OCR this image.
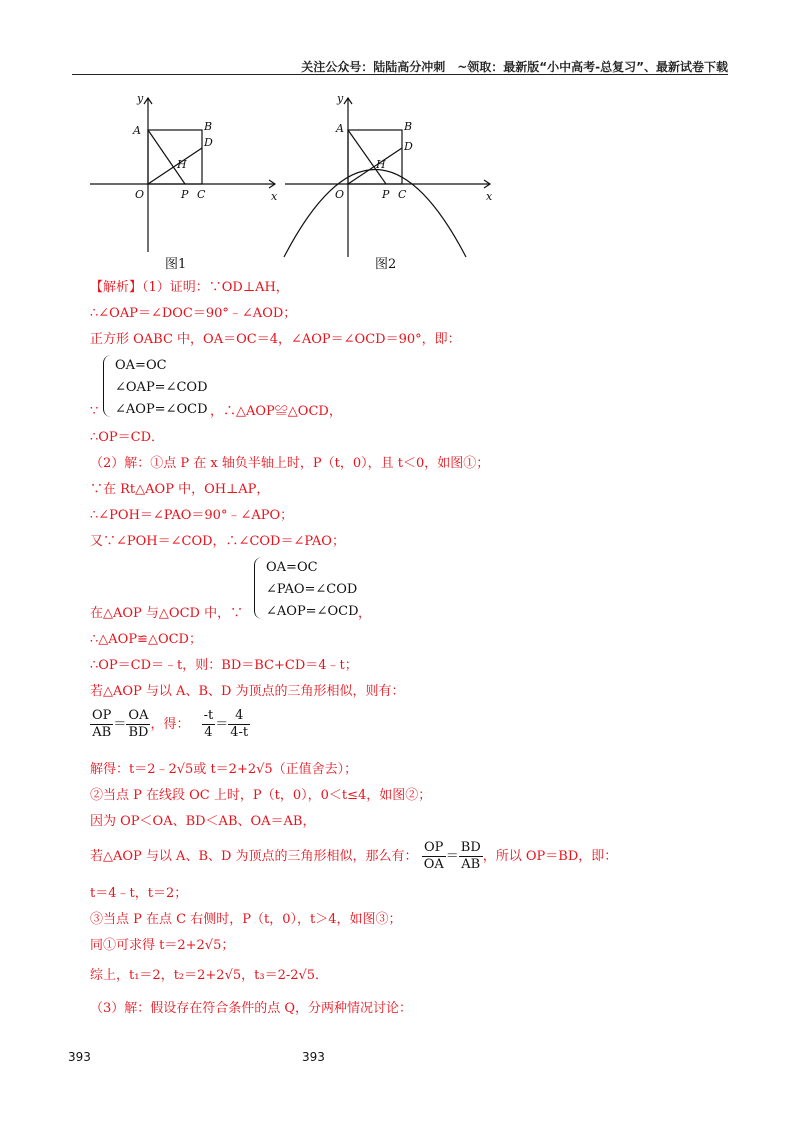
关注公众号：陆陆高分冲刺　~领取：最新版“小中高考-总复习”、最新试卷下载
y
x
A	B
D
H
O	P C
图1
y
x
A	B
D
H
O	P C
图2
【解析】（1）证明：∵OD⊥AH，
∴∠OAP＝∠DOC＝90°﹣∠AOD；
正方形 OABC 中，OA＝OC＝4，∠AOP＝∠OCD＝90°，即：
OA=OC
∠OAP=∠COD
∠AOP=∠OCD
∵	，∴△AOP≌△OCD，
∴OP＝CD．
（2）解：①点 P 在 x 轴负半轴上时，P（t，0），且 t＜0，如图①；
∵在 Rt△AOP 中，OH⊥AP，
∴∠POH＝∠PAO＝90°﹣∠APO；
又∵∠POH＝∠COD，∴∠COD＝∠PAO；
OA=OC
∠PAO=∠COD
∠AOP=∠OCD
在△AOP 与△OCD 中，∵	，
∴△AOP≌△OCD；
∴OP＝CD＝﹣t，则：BD＝BC+CD＝4﹣t；
若△AOP 与以 A、B、D 为顶点的三角形相似，则有：
$\frac{OP}{AB} = \frac{OA}{BD}$ ，得： $\frac{-t}{4} = \frac{4}{4-t}$
解得：t＝2﹣2√5或 t＝2+2√5（正值舍去）；
②当点 P 在线段 OC 上时，P（t，0），0＜t≤4，如图②；
因为 OP＜OA、BD＜AB、OA＝AB，
若△AOP 与以 A、B、D 为顶点的三角形相似，那么有： $\frac{OP}{OA} = \frac{BD}{AB}$ ，所以 OP＝BD，即：
t＝4﹣t，t＝2；
③当点 P 在点 C 右侧时，P（t，0），t＞4，如图③；
同①可求得 t＝2+2√5；
综上，t₁＝2，t₂＝2+2√5，t₃＝2-2√5．
（3）解：假设存在符合条件的点 Q，分两种情况讨论：
393	393
